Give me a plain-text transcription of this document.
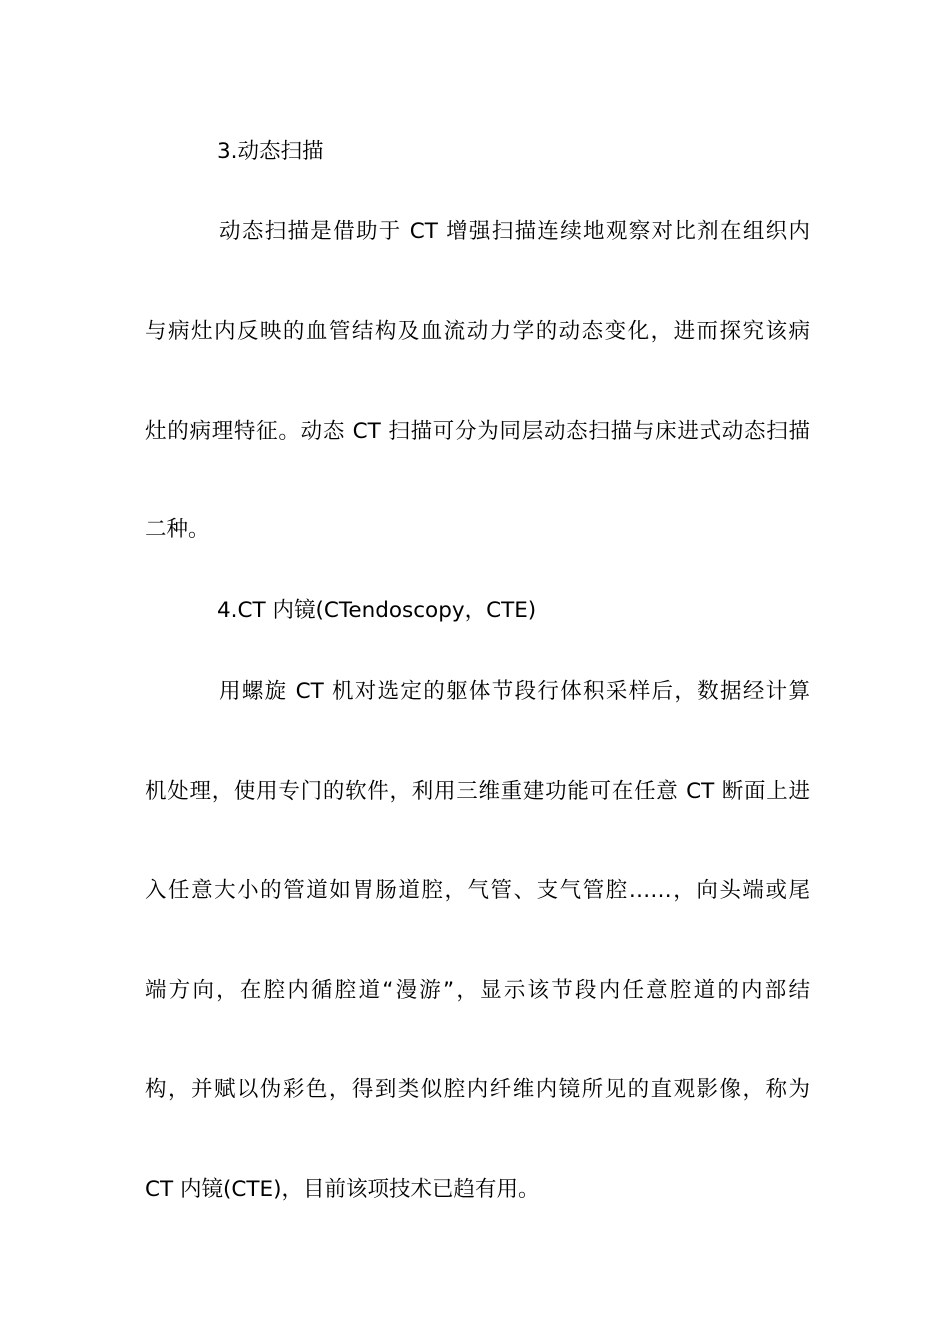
3.动态扫描
动态扫描是借助于 CT 增强扫描连续地观察对比剂在组织内
与病灶内反映的血管结构及血流动力学的动态变化，进而探究该病
灶的病理特征。动态 CT 扫描可分为同层动态扫描与床进式动态扫描
二种。
4.CT 内镜(CTendoscopy，CTE)
用螺旋 CT 机对选定的躯体节段行体积采样后，数据经计算
机处理，使用专门的软件，利用三维重建功能可在任意 CT 断面上进
入任意大小的管道如胃肠道腔，气管、支气管腔……，向头端或尾
端方向，在腔内循腔道“漫游”，显示该节段内任意腔道的内部结
构，并赋以伪彩色，得到类似腔内纤维内镜所见的直观影像，称为
CT 内镜(CTE)，目前该项技术已趋有用。
